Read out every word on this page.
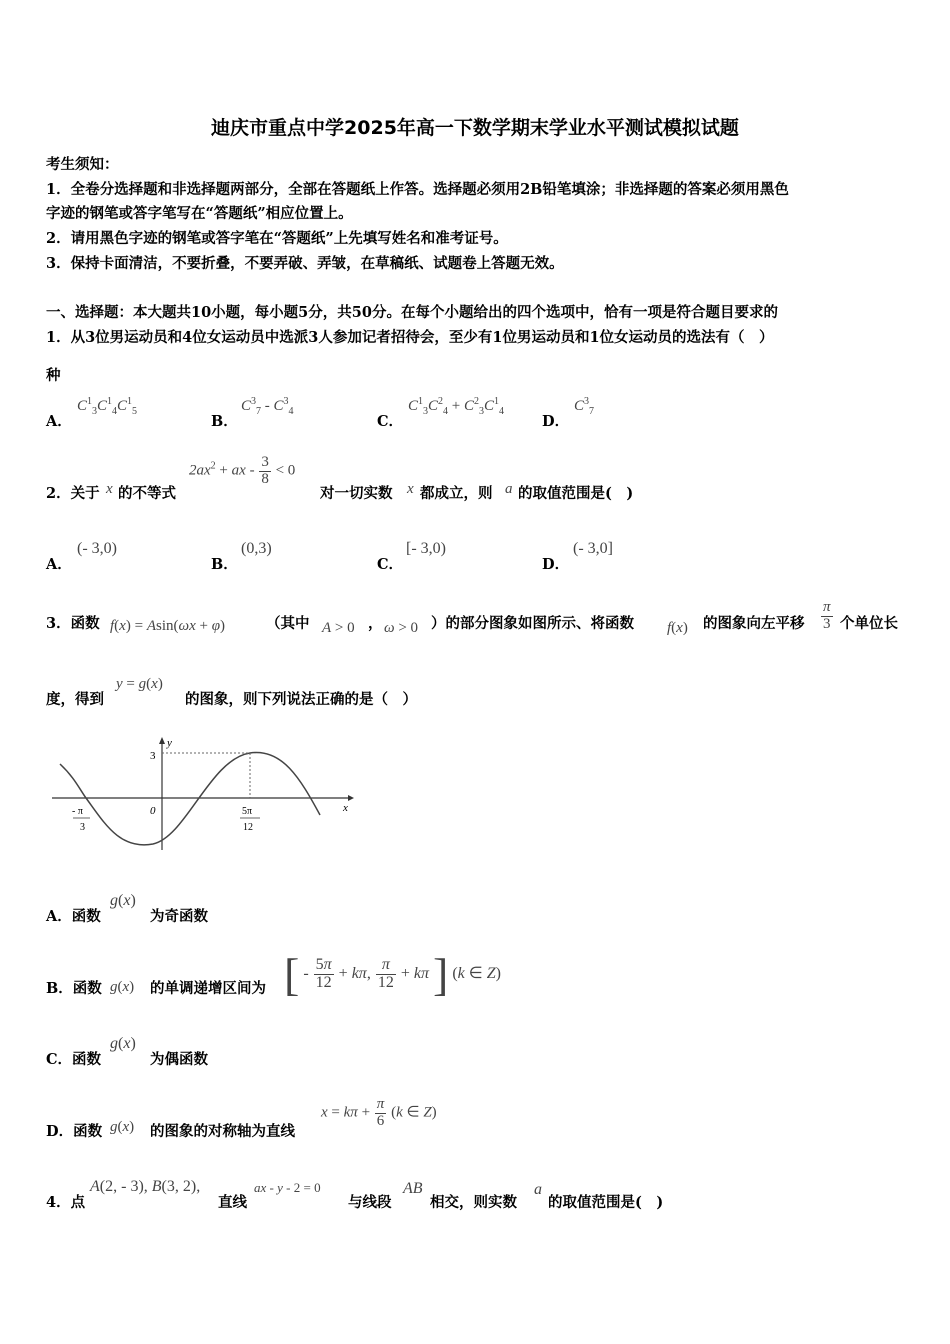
迪庆市重点中学2025年高一下数学期末学业水平测试模拟试题
考生须知：
1．全卷分选择题和非选择题两部分，全部在答题纸上作答。选择题必须用2B铅笔填涂；非选择题的答案必须用黑色
字迹的钢笔或答字笔写在“答题纸”相应位置上。
2．请用黑色字迹的钢笔或答字笔在“答题纸”上先填写姓名和准考证号。
3．保持卡面清洁，不要折叠，不要弄破、弄皱，在草稿纸、试题卷上答题无效。
一、选择题：本大题共10小题，每小题5分，共50分。在每个小题给出的四个选项中，恰有一项是符合题目要求的
1．从3位男运动员和4位女运动员中选派3人参加记者招待会，至少有1位男运动员和1位女运动员的选法有（　）
种
A．
$C^1_3C^1_4C^1_5$
B．
$C^3_7 - C^3_4$
C．
$C^1_3C^2_4 + C^2_3C^1_4$
D．
$C^3_7$
2．关于 x 的不等式
$2ax^2$ + ax - $\frac{3}{8} < 0$
对一切实数 x 都成立，则 a 的取值范围是(　)
A．
(- 3,0)
B．
(0,3)
C．
[- 3,0)
D．
(- 3,0]
3．函数 f(x) = Asin(ωx + φ)	（其中 A > 0 ， ω > 0 ）的部分图象如图所示、将函数 f(x) 的图象向左平移 $\frac{\pi}{3}$ 个单位长
度，得到
y = g(x)
的图象，则下列说法正确的是（　）
3
y
x
0
- π
3
5π
12
A．函数
g(x)
为奇函数
B．函数 g(x) 的单调递增区间为 [ - $\frac{5\pi}{12} + k\pi$, $\frac{\pi}{12} + k\pi$ ] (k ∈ Z)
C．函数
g(x)
为偶函数
D．函数 g(x) 的图象的对称轴为直线
$x = k\pi + \frac{\pi}{6} (k$ ∈ Z)
4．点
A(2, - 3), B(3, 2),
直线
ax - y - 2 = 0
与线段
AB
相交，则实数
a
的取值范围是(　)
